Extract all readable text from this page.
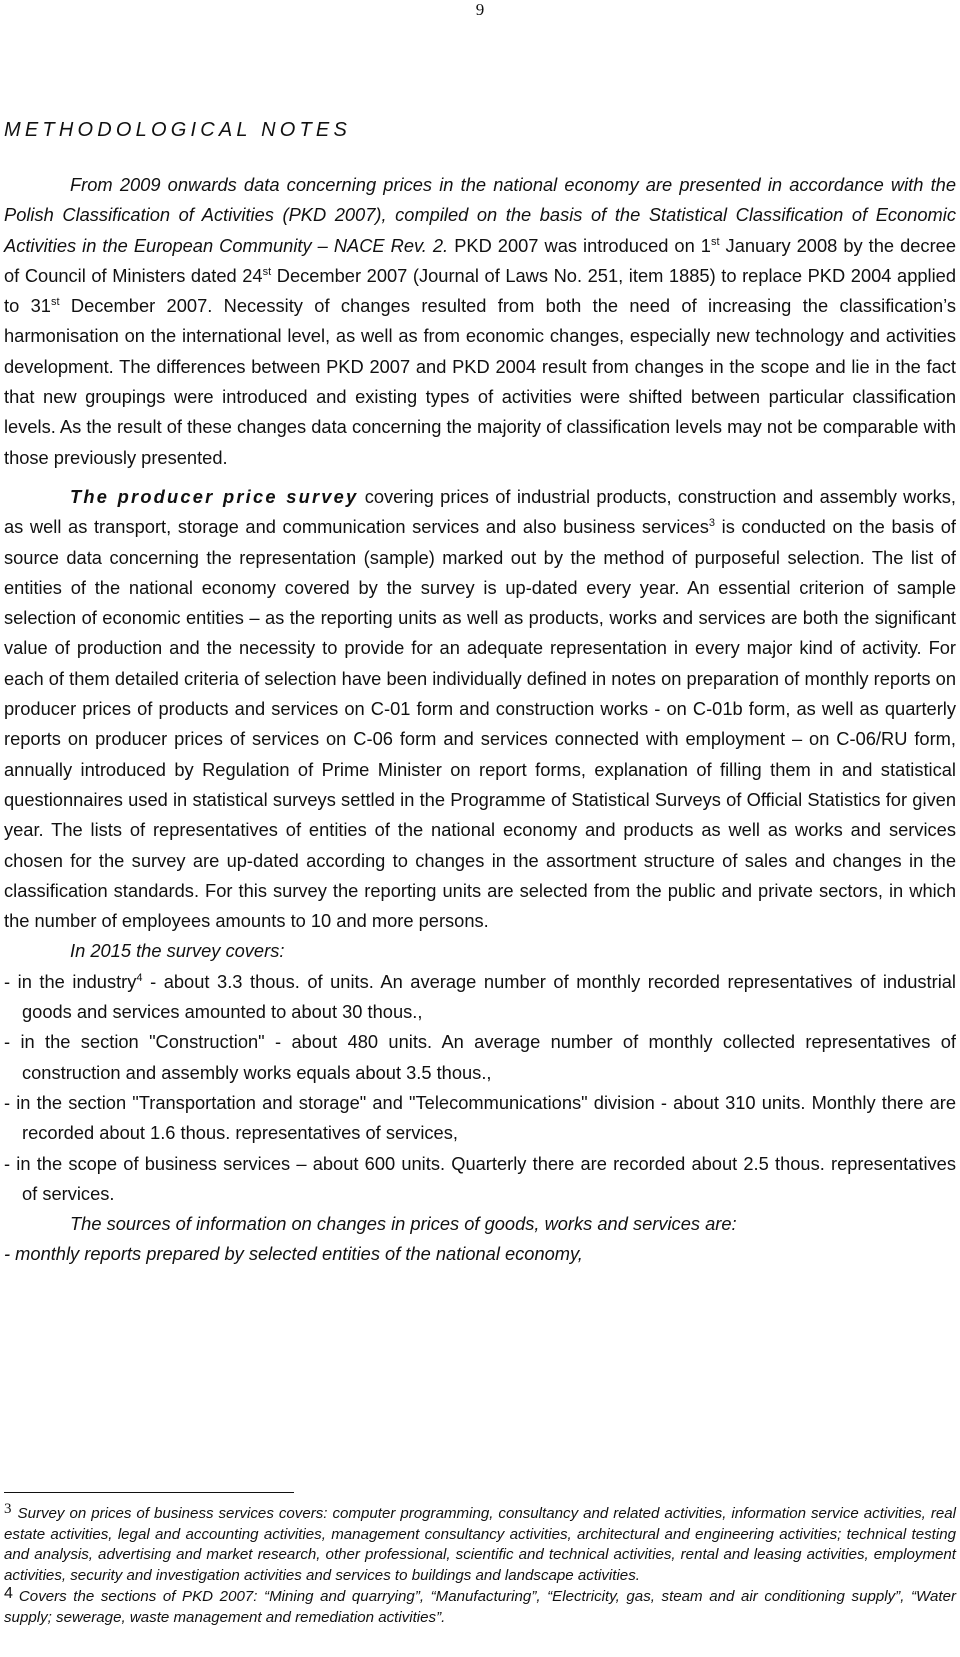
9
METHODOLOGICAL NOTES

From 2009 onwards data concerning prices in the national economy are presented in accordance with the Polish Classification of Activities (PKD 2007), compiled on the basis of the Statistical Classification of Economic Activities in the European Community – NACE Rev. 2. PKD 2007 was introduced on 1st January 2008 by the decree of Council of Ministers dated 24st December 2007 (Journal of Laws No. 251, item 1885) to replace PKD 2004 applied to 31st December 2007. Necessity of changes resulted from both the need of increasing the classification’s harmonisation on the international level, as well as from economic changes, especially new technology and activities development. The differences between PKD 2007 and PKD 2004 result from changes in the scope and lie in the fact that new groupings were introduced and existing types of activities were shifted between particular classification levels. As the result of these changes data concerning the majority of classification levels may not be comparable with those previously presented.

The producer price survey covering prices of industrial products, construction and assembly works, as well as transport, storage and communication services and also business services$^3$ is conducted on the basis of source data concerning the representation (sample) marked out by the method of purposeful selection. The list of entities of the national economy covered by the survey is up-dated every year. An essential criterion of sample selection of economic entities – as the reporting units as well as products, works and services are both the significant value of production and the necessity to provide for an adequate representation in every major kind of activity. For each of them detailed criteria of selection have been individually defined in notes on preparation of monthly reports on producer prices of products and services on C-01 form and construction works - on C-01b form, as well as quarterly reports on producer prices of services on C-06 form and services connected with employment – on C-06/RU form, annually introduced by Regulation of Prime Minister on report forms, explanation of filling them in and statistical questionnaires used in statistical surveys settled in the Programme of Statistical Surveys of Official Statistics for given year. The lists of representatives of entities of the national economy and products as well as works and services chosen for the survey are up-dated according to changes in the assortment structure of sales and changes in the classification standards. For this survey the reporting units are selected from the public and private sectors, in which the number of employees amounts to 10 and more persons.

In 2015 the survey covers:

- in the industry$^4$ - about 3.3 thous. of units. An average number of monthly recorded representatives of industrial goods and services amounted to about 30 thous.,

- in the section "Construction" - about 480 units. An average number of monthly collected representatives of construction and assembly works equals about 3.5 thous.,

- in the section "Transportation and storage" and "Telecommunications" division - about 310 units. Monthly there are recorded about 1.6 thous. representatives of services,

- in the scope of business services – about 600 units. Quarterly there are recorded about 2.5 thous. representatives of services.

The sources of information on changes in prices of goods, works and services are:

- monthly reports prepared by selected entities of the national economy,

3 Survey on prices of business services covers: computer programming, consultancy and related activities, information service activities, real estate activities, legal and accounting activities, management consultancy activities, architectural and engineering activities; technical testing and analysis, advertising and market research, other professional, scientific and technical activities, rental and leasing activities, employment activities, security and investigation activities and services to buildings and landscape activities.

4 Covers the sections of PKD 2007: “Mining and quarrying”, “Manufacturing”, “Electricity, gas, steam and air conditioning supply”, “Water supply; sewerage, waste management and remediation activities”.
